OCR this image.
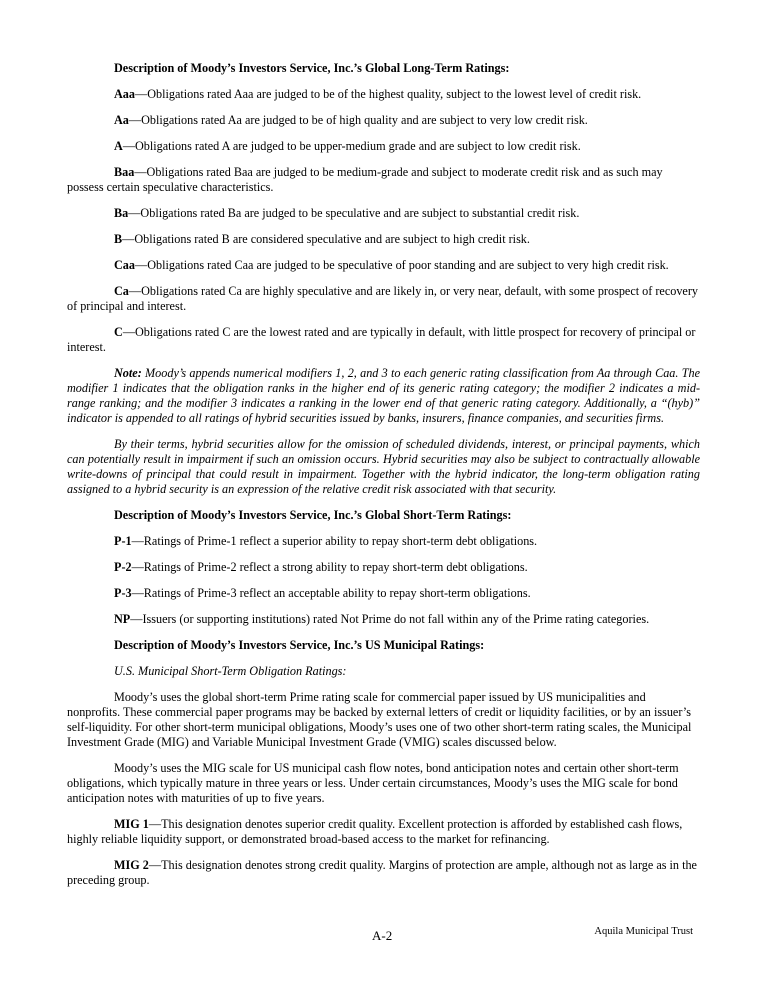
Description of Moody’s Investors Service, Inc.’s Global Long-Term Ratings:

Aaa—Obligations rated Aaa are judged to be of the highest quality, subject to the lowest level of credit risk.

Aa—Obligations rated Aa are judged to be of high quality and are subject to very low credit risk.

A—Obligations rated A are judged to be upper-medium grade and are subject to low credit risk.

Baa—Obligations rated Baa are judged to be medium-grade and subject to moderate credit risk and as such may possess certain speculative characteristics.

Ba—Obligations rated Ba are judged to be speculative and are subject to substantial credit risk.

B—Obligations rated B are considered speculative and are subject to high credit risk.

Caa—Obligations rated Caa are judged to be speculative of poor standing and are subject to very high credit risk.

Ca—Obligations rated Ca are highly speculative and are likely in, or very near, default, with some prospect of recovery of principal and interest.

C—Obligations rated C are the lowest rated and are typically in default, with little prospect for recovery of principal or interest.

Note: Moody’s appends numerical modifiers 1, 2, and 3 to each generic rating classification from Aa through Caa. The modifier 1 indicates that the obligation ranks in the higher end of its generic rating category; the modifier 2 indicates a mid-range ranking; and the modifier 3 indicates a ranking in the lower end of that generic rating category. Additionally, a “(hyb)” indicator is appended to all ratings of hybrid securities issued by banks, insurers, finance companies, and securities firms.

By their terms, hybrid securities allow for the omission of scheduled dividends, interest, or principal payments, which can potentially result in impairment if such an omission occurs. Hybrid securities may also be subject to contractually allowable write-downs of principal that could result in impairment. Together with the hybrid indicator, the long-term obligation rating assigned to a hybrid security is an expression of the relative credit risk associated with that security.

Description of Moody’s Investors Service, Inc.’s Global Short-Term Ratings:

P-1—Ratings of Prime-1 reflect a superior ability to repay short-term debt obligations.

P-2—Ratings of Prime-2 reflect a strong ability to repay short-term debt obligations.

P-3—Ratings of Prime-3 reflect an acceptable ability to repay short-term obligations.

NP—Issuers (or supporting institutions) rated Not Prime do not fall within any of the Prime rating categories.

Description of Moody’s Investors Service, Inc.’s US Municipal Ratings:

U.S. Municipal Short-Term Obligation Ratings:

Moody’s uses the global short-term Prime rating scale for commercial paper issued by US municipalities and nonprofits. These commercial paper programs may be backed by external letters of credit or liquidity facilities, or by an issuer’s self-liquidity. For other short-term municipal obligations, Moody’s uses one of two other short-term rating scales, the Municipal Investment Grade (MIG) and Variable Municipal Investment Grade (VMIG) scales discussed below.

Moody’s uses the MIG scale for US municipal cash flow notes, bond anticipation notes and certain other short-term obligations, which typically mature in three years or less. Under certain circumstances, Moody’s uses the MIG scale for bond anticipation notes with maturities of up to five years.

MIG 1—This designation denotes superior credit quality. Excellent protection is afforded by established cash flows, highly reliable liquidity support, or demonstrated broad-based access to the market for refinancing.

MIG 2—This designation denotes strong credit quality. Margins of protection are ample, although not as large as in the preceding group.

A-2	Aquila Municipal Trust
